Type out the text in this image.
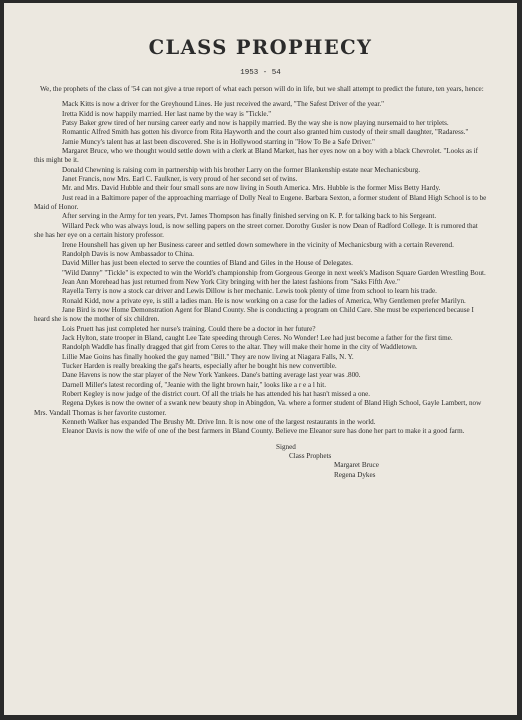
CLASS PROPHECY
1953 - 54

We, the prophets of the class of '54 can not give a true report of what each person will do in life, but we shall attempt to predict the future, ten years, hence:

Mack Kitts is now a driver for the Greyhound Lines. He just received the award, "The Safest Driver of the year."

Iretta Kidd is now happily married. Her last name by the way is "Tickle."

Patsy Baker grew tired of her nursing career early and now is happily married. By the way she is now playing nursemaid to her triplets.

Romantic Alfred Smith has gotten his divorce from Rita Hayworth and the court also granted him custody of their small daughter, "Radaress."

Jamie Muncy's talent has at last been discovered. She is in Hollywood starring in "How To Be a Safe Driver."

Margaret Bruce, who we thought would settle down with a clerk at Bland Market, has her eyes now on a boy with a black Chevrolet. "Looks as if this might be it.

Donald Chewning is raising corn in partnership with his brother Larry on the former Blankenship estate near Mechanicsburg.

Janet Francis, now Mrs. Earl C. Faulkner, is very proud of her second set of twins.

Mr. and Mrs. David Hubble and their four small sons are now living in South America. Mrs. Hubble is the former Miss Betty Hardy.

Just read in a Baltimore paper of the approaching marriage of Dolly Neal to Eugene. Barbara Sexton, a former student of Bland High School is to be Maid of Honor.

After serving in the Army for ten years, Pvt. James Thompson has finally finished serving on K. P. for talking back to his Sergeant.

Willard Peck who was always loud, is now selling papers on the street corner. Dorothy Gusler is now Dean of Radford College. It is rumored that she has her eye on a certain history professor.

Irene Hounshell has given up her Business career and settled down somewhere in the vicinity of Mechanicsburg with a certain Reverend.

Randolph Davis is now Ambassador to China.

David Miller has just been elected to serve the counties of Bland and Giles in the House of Delegates.

"Wild Danny" "Tickle" is expected to win the World's championship from Gorgeous George in next week's Madison Square Garden Wrestling Bout.

Jean Ann Morehead has just returned from New York City bringing with her the latest fashions from "Saks Fifth Ave."

Rayella Terry is now a stock car driver and Lewis Dillow is her mechanic. Lewis took plenty of time from school to learn his trade.

Ronald Kidd, now a private eye, is still a ladies man. He is now working on a case for the ladies of America, Why Gentlemen prefer Marilyn.

Jane Bird is now Home Demonstration Agent for Bland County. She is conducting a program on Child Care. She must be experienced because I heard she is now the mother of six children.

Lois Pruett has just completed her nurse's training. Could there be a doctor in her future?

Jack Hylton, state trooper in Bland, caught Lee Tate speeding through Ceres. No Wonder! Lee had just become a father for the first time.

Randolph Waddle has finally dragged that girl from Ceres to the altar. They will make their home in the city of Waddletown.

Lillie Mae Goins has finally hooked the guy named "Bill." They are now living at Niagara Falls, N. Y.

Tucker Harden is really breaking the gal's hearts, especially after he bought his new convertible.

Dane Havens is now the star player of the New York Yankees. Dane's batting average last year was .800.

Darnell Miller's latest recording of, "Jeanie with the light brown hair," looks like a r e a l hit.

Robert Kegley is now judge of the district court. Of all the trials he has attended his hat hasn't missed a one.

Regena Dykes is now the owner of a swank new beauty shop in Abingdon, Va. where a former student of Bland High School, Gayle Lambert, now Mrs. Vandall Thomas is her favorite customer.

Kenneth Walker has expanded The Brushy Mt. Drive Inn. It is now one of the largest restaurants in the world.

Eleanor Davis is now the wife of one of the best farmers in Bland County. Believe me Eleanor sure has done her part to make it a good farm.

Signed
Class Prophets
Margaret Bruce
Regena Dykes
